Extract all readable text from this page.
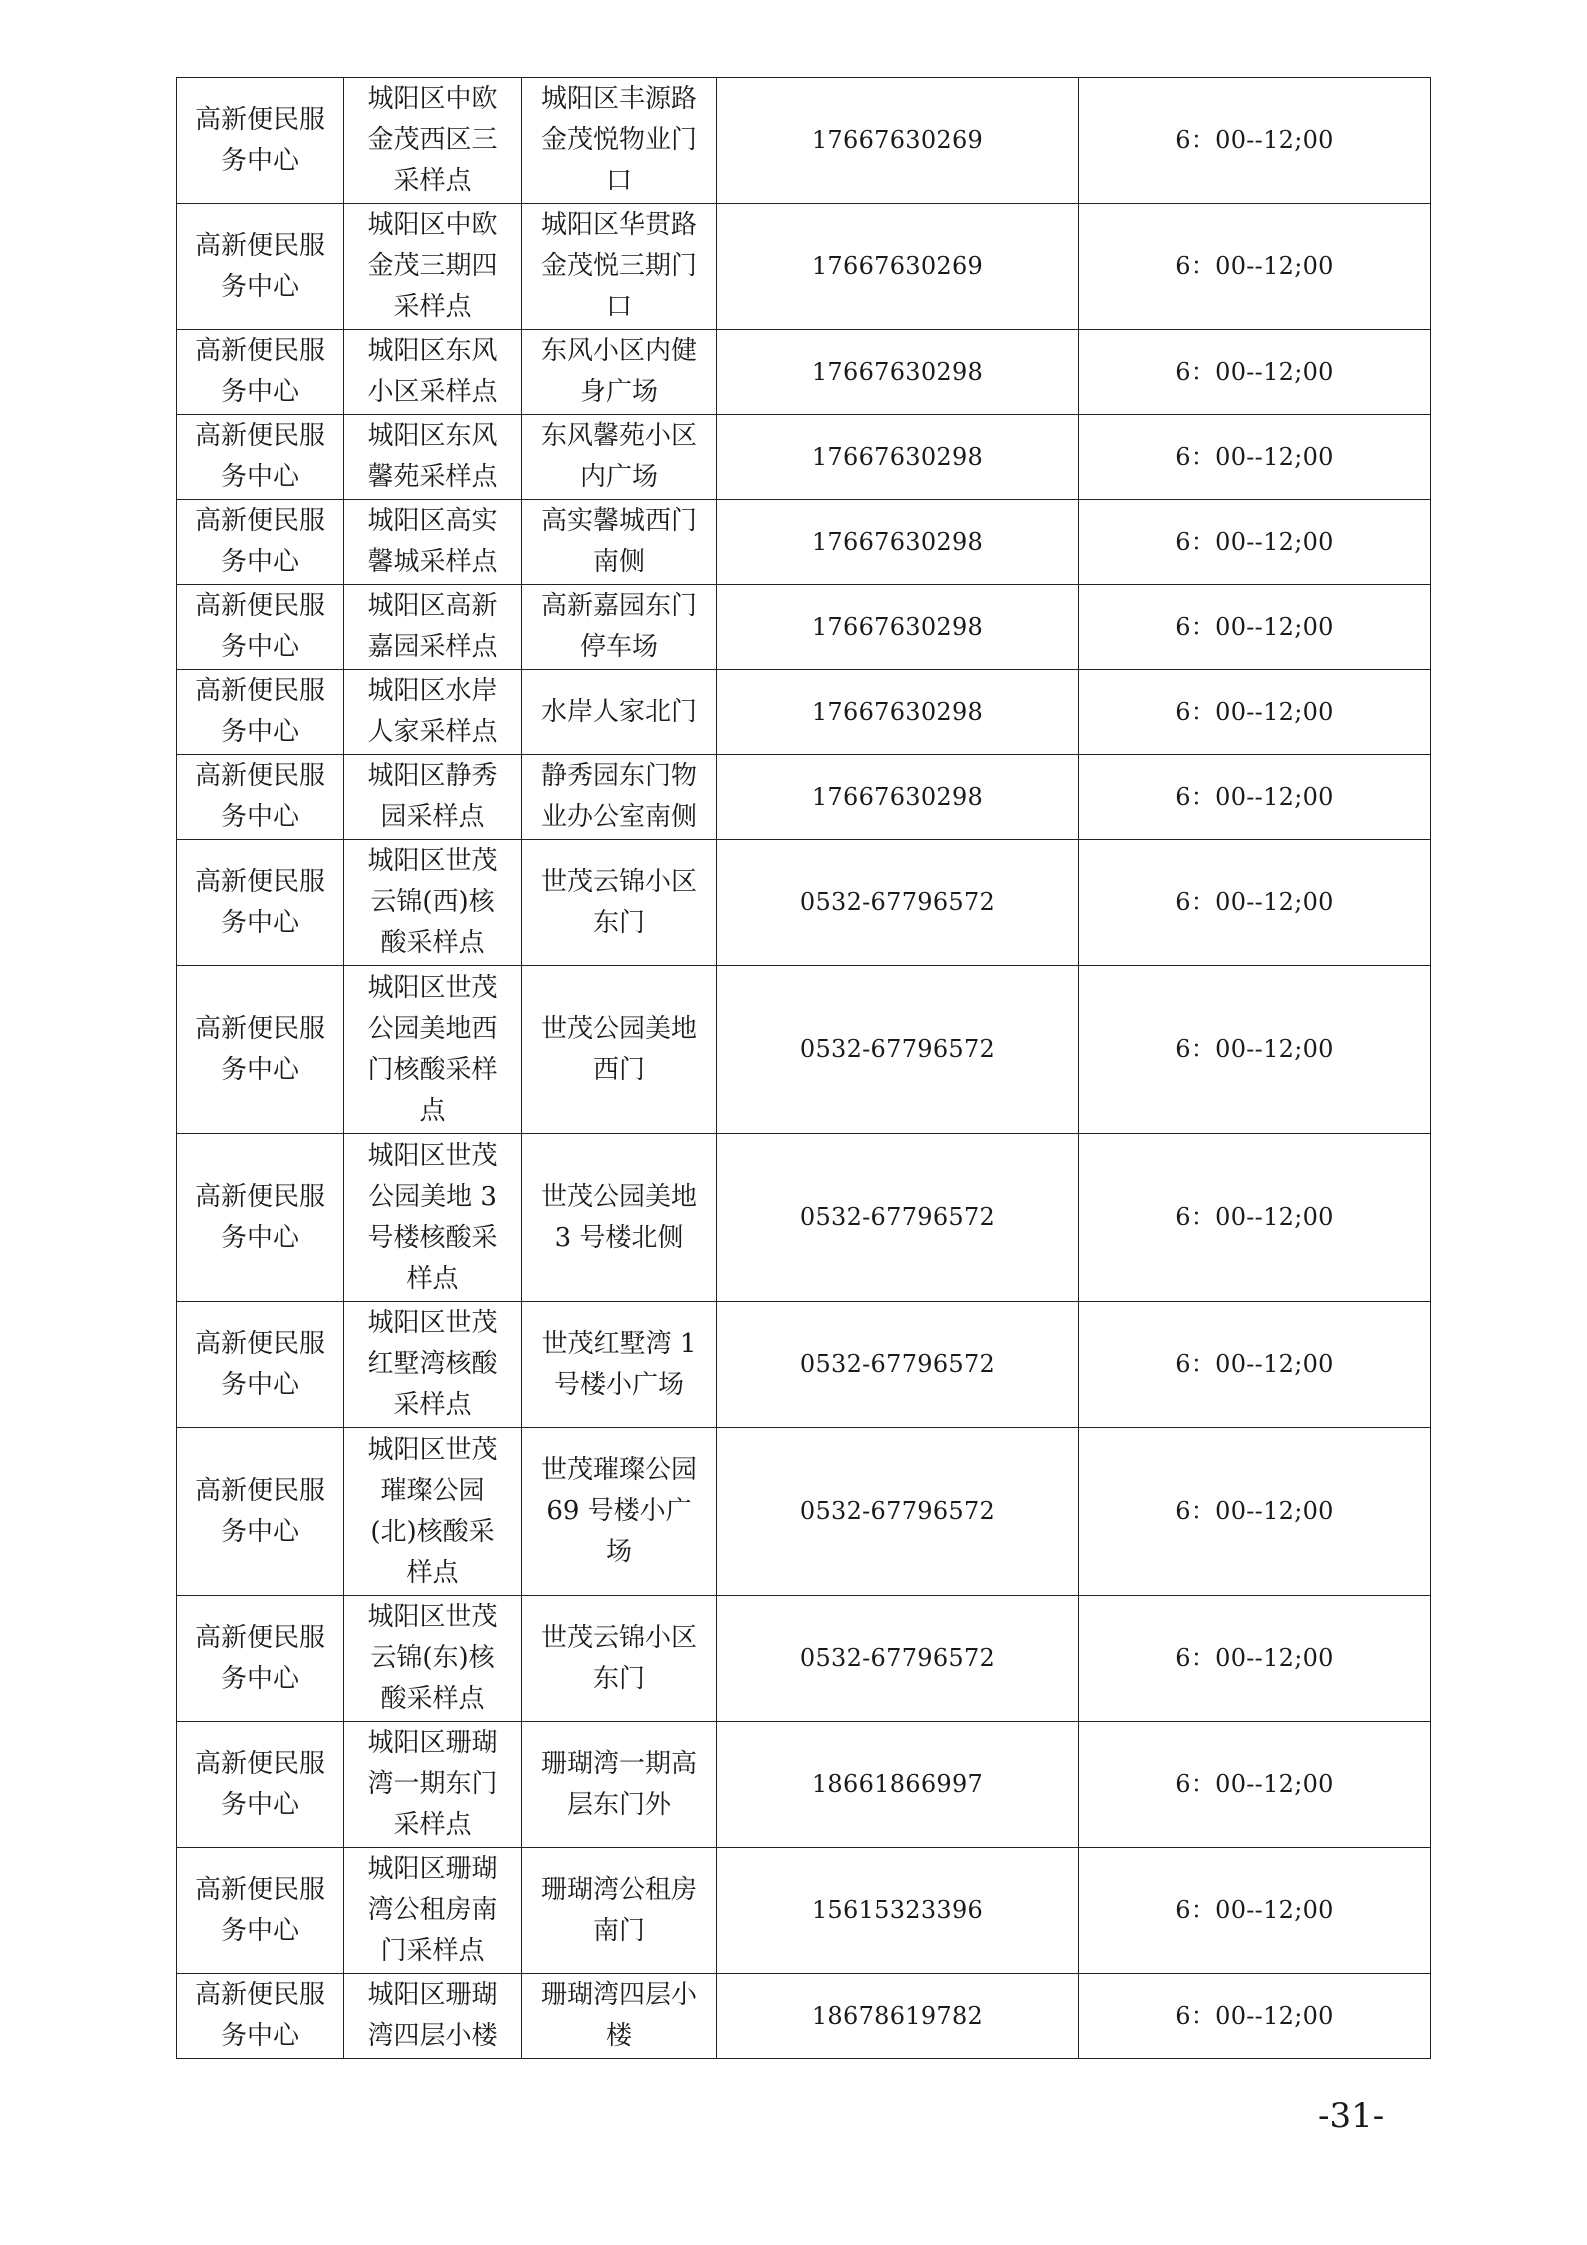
高新便民服务中心	城阳区中欧金茂西区三采样点	城阳区丰源路金茂悦物业门口	17667630269	6：00--12;00
高新便民服务中心	城阳区中欧金茂三期四采样点	城阳区华贯路金茂悦三期门口	17667630269	6：00--12;00
高新便民服务中心	城阳区东风小区采样点	东风小区内健身广场	17667630298	6：00--12;00
高新便民服务中心	城阳区东风馨苑采样点	东风馨苑小区内广场	17667630298	6：00--12;00
高新便民服务中心	城阳区高实馨城采样点	高实馨城西门南侧	17667630298	6：00--12;00
高新便民服务中心	城阳区高新嘉园采样点	高新嘉园东门停车场	17667630298	6：00--12;00
高新便民服务中心	城阳区水岸人家采样点	水岸人家北门	17667630298	6：00--12;00
高新便民服务中心	城阳区静秀园采样点	静秀园东门物业办公室南侧	17667630298	6：00--12;00
高新便民服务中心	城阳区世茂云锦(西)核酸采样点	世茂云锦小区东门	0532-67796572	6：00--12;00
高新便民服务中心	城阳区世茂公园美地西门核酸采样点	世茂公园美地西门	0532-67796572	6：00--12;00
高新便民服务中心	城阳区世茂公园美地 3 号楼核酸采样点	世茂公园美地 3 号楼北侧	0532-67796572	6：00--12;00
高新便民服务中心	城阳区世茂红墅湾核酸采样点	世茂红墅湾 1 号楼小广场	0532-67796572	6：00--12;00
高新便民服务中心	城阳区世茂璀璨公园(北)核酸采样点	世茂璀璨公园 69 号楼小广场	0532-67796572	6：00--12;00
高新便民服务中心	城阳区世茂云锦(东)核酸采样点	世茂云锦小区东门	0532-67796572	6：00--12;00
高新便民服务中心	城阳区珊瑚湾一期东门采样点	珊瑚湾一期高层东门外	18661866997	6：00--12;00
高新便民服务中心	城阳区珊瑚湾公租房南门采样点	珊瑚湾公租房南门	15615323396	6：00--12;00
高新便民服务中心	城阳区珊瑚湾四层小楼	珊瑚湾四层小楼	18678619782	6：00--12;00
-31-
